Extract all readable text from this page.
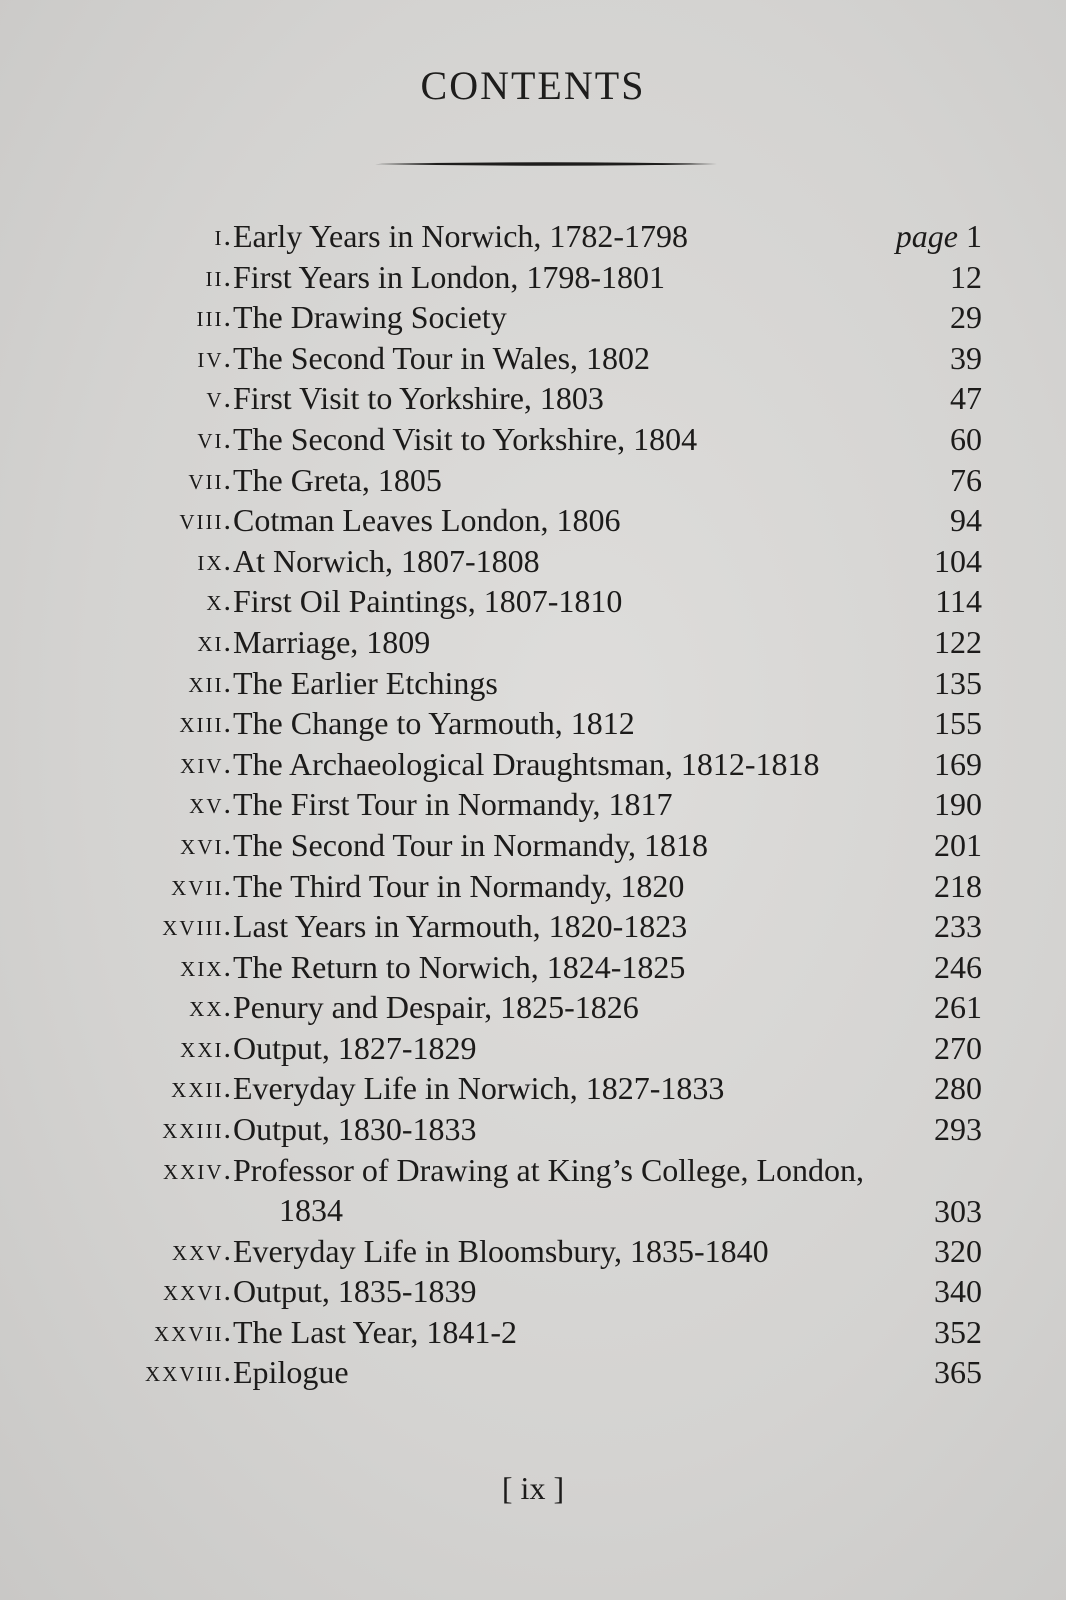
CONTENTS
i. Early Years in Norwich, 1782-1798	page 1
ii. First Years in London, 1798-1801	12
iii. The Drawing Society	29
iv. The Second Tour in Wales, 1802	39
v. First Visit to Yorkshire, 1803	47
vi. The Second Visit to Yorkshire, 1804	60
vii. The Greta, 1805	76
viii. Cotman Leaves London, 1806	94
ix. At Norwich, 1807-1808	104
x. First Oil Paintings, 1807-1810	114
xi. Marriage, 1809	122
xii. The Earlier Etchings	135
xiii. The Change to Yarmouth, 1812	155
xiv. The Archaeological Draughtsman, 1812-1818	169
xv. The First Tour in Normandy, 1817	190
xvi. The Second Tour in Normandy, 1818	201
xvii. The Third Tour in Normandy, 1820	218
xviii. Last Years in Yarmouth, 1820-1823	233
xix. The Return to Norwich, 1824-1825	246
xx. Penury and Despair, 1825-1826	261
xxi. Output, 1827-1829	270
xxii. Everyday Life in Norwich, 1827-1833	280
xxiii. Output, 1830-1833	293
xxiv. Professor of Drawing at King’s College, London,
1834	303
xxv. Everyday Life in Bloomsbury, 1835-1840	320
xxvi. Output, 1835-1839	340
xxvii. The Last Year, 1841-2	352
xxviii. Epilogue	365
[ ix ]
